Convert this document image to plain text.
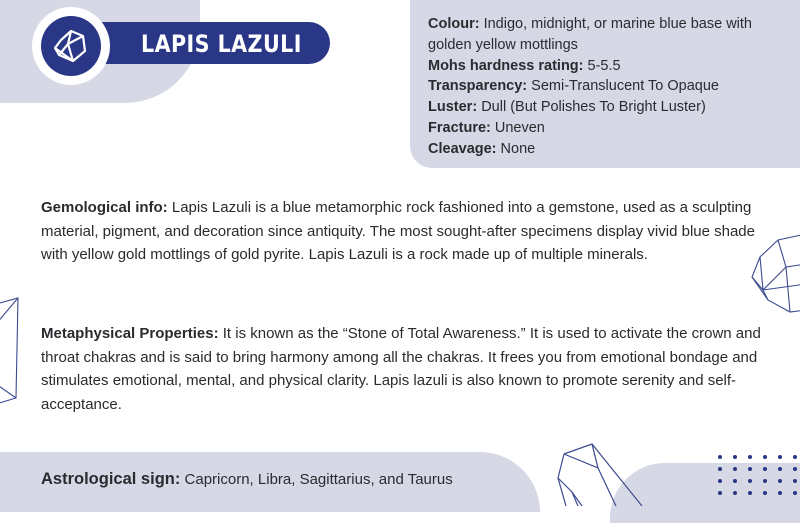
LAPIS LAZULI
Colour: Indigo, midnight, or marine blue base with golden yellow mottlings
Mohs hardness rating: 5-5.5
Transparency: Semi-Translucent To Opaque
Luster: Dull (But Polishes To Bright Luster)
Fracture: Uneven
Cleavage: None

Gemological info: Lapis Lazuli is a blue metamorphic rock fashioned into a gemstone, used as a sculpting material, pigment, and decoration since antiquity. The most sought-after specimens display vivid blue shade with yellow gold mottlings of gold pyrite. Lapis Lazuli is a rock made up of multiple minerals.

Metaphysical Properties: It is known as the “Stone of Total Awareness.” It is used to activate the crown and throat chakras and is said to bring harmony among all the chakras. It frees you from emotional bondage and stimulates emotional, mental, and physical clarity. Lapis lazuli is also known to promote serenity and self-acceptance.

Astrological sign: Capricorn, Libra, Sagittarius, and Taurus
